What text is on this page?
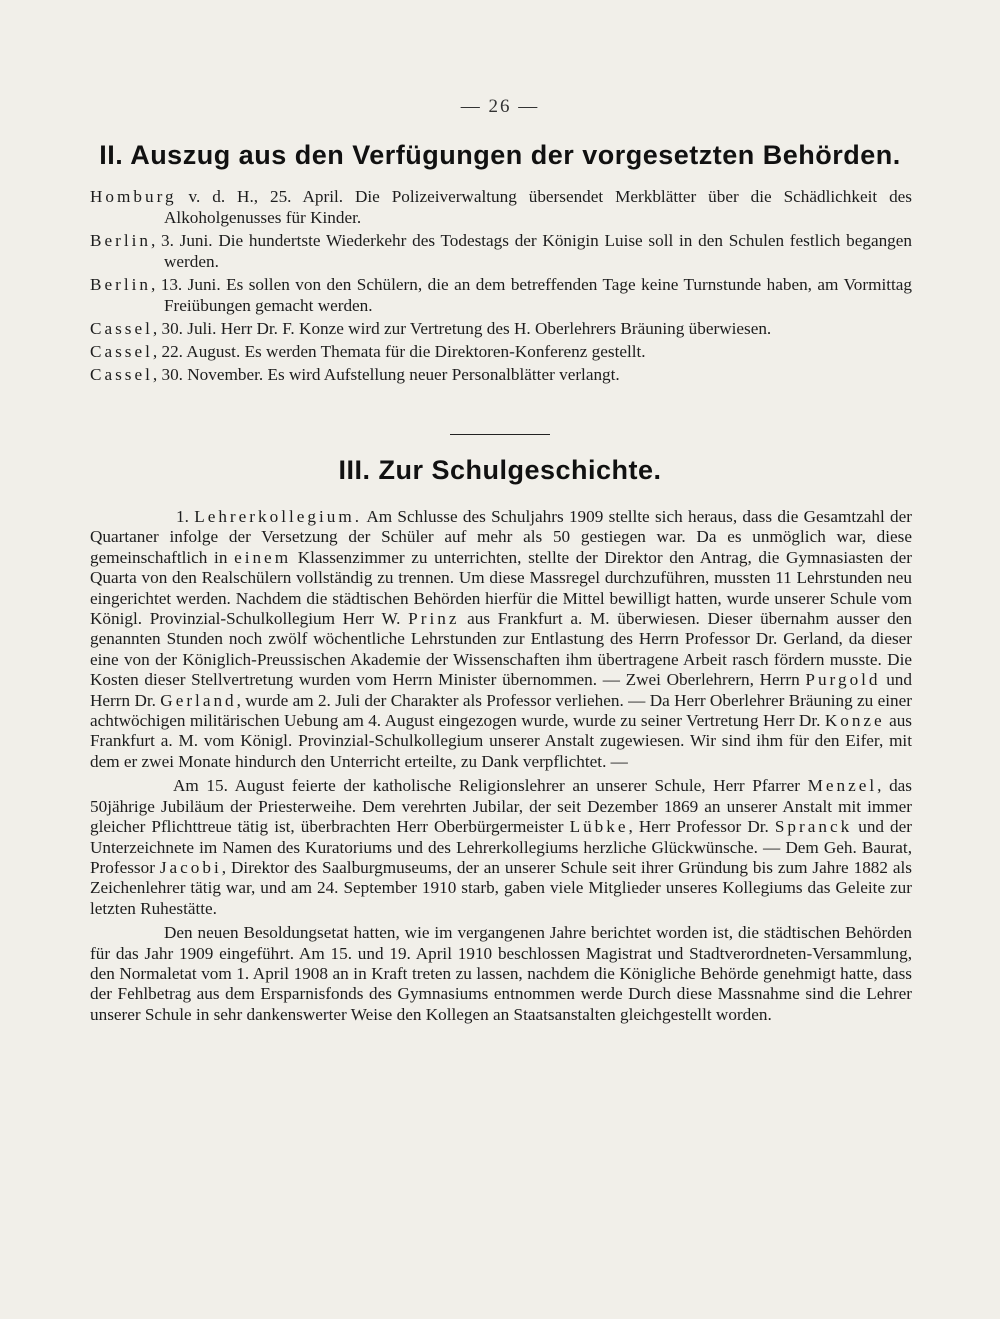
— 26 —
II. Auszug aus den Verfügungen der vorgesetzten Behörden.
Homburg v. d. H., 25. April. Die Polizeiverwaltung übersendet Merkblätter über die Schädlichkeit des Alkoholgenusses für Kinder.
Berlin, 3. Juni. Die hundertste Wiederkehr des Todestags der Königin Luise soll in den Schulen festlich begangen werden.
Berlin, 13. Juni. Es sollen von den Schülern, die an dem betreffenden Tage keine Turnstunde haben, am Vormittag Freiübungen gemacht werden.
Cassel, 30. Juli. Herr Dr. F. Konze wird zur Vertretung des H. Oberlehrers Bräuning überwiesen.
Cassel, 22. August. Es werden Themata für die Direktoren-Konferenz gestellt.
Cassel, 30. November. Es wird Aufstellung neuer Personalblätter verlangt.
III. Zur Schulgeschichte.

1. Lehrerkollegium. Am Schlusse des Schuljahrs 1909 stellte sich heraus, dass die Gesamtzahl der Quartaner infolge der Versetzung der Schüler auf mehr als 50 gestiegen war. Da es unmöglich war, diese gemeinschaftlich in einem Klassenzimmer zu unterrichten, stellte der Direktor den Antrag, die Gymnasiasten der Quarta von den Realschülern vollständig zu trennen. Um diese Massregel durchzuführen, mussten 11 Lehrstunden neu eingerichtet werden. Nachdem die städtischen Behörden hierfür die Mittel bewilligt hatten, wurde unserer Schule vom Königl. Provinzial-Schulkollegium Herr W. Prinz aus Frankfurt a. M. überwiesen. Dieser übernahm ausser den genannten Stunden noch zwölf wöchentliche Lehrstunden zur Entlastung des Herrn Professor Dr. Gerland, da dieser eine von der Königlich-Preussischen Akademie der Wissenschaften ihm übertragene Arbeit rasch fördern musste. Die Kosten dieser Stellvertretung wurden vom Herrn Minister übernommen. — Zwei Oberlehrern, Herrn Purgold und Herrn Dr. Gerland, wurde am 2. Juli der Charakter als Professor verliehen. — Da Herr Oberlehrer Bräuning zu einer achtwöchigen militärischen Uebung am 4. August eingezogen wurde, wurde zu seiner Vertretung Herr Dr. Konze aus Frankfurt a. M. vom Königl. Provinzial-Schulkollegium unserer Anstalt zugewiesen. Wir sind ihm für den Eifer, mit dem er zwei Monate hindurch den Unterricht erteilte, zu Dank verpflichtet. —

Am 15. August feierte der katholische Religionslehrer an unserer Schule, Herr Pfarrer Menzel, das 50jährige Jubiläum der Priesterweihe. Dem verehrten Jubilar, der seit Dezember 1869 an unserer Anstalt mit immer gleicher Pflichttreue tätig ist, überbrachten Herr Oberbürgermeister Lübke, Herr Professor Dr. Spranck und der Unterzeichnete im Namen des Kuratoriums und des Lehrerkollegiums herzliche Glückwünsche. — Dem Geh. Baurat, Professor Jacobi, Direktor des Saalburgmuseums, der an unserer Schule seit ihrer Gründung bis zum Jahre 1882 als Zeichenlehrer tätig war, und am 24. September 1910 starb, gaben viele Mitglieder unseres Kollegiums das Geleite zur letzten Ruhestätte.

Den neuen Besoldungsetat hatten, wie im vergangenen Jahre berichtet worden ist, die städtischen Behörden für das Jahr 1909 eingeführt. Am 15. und 19. April 1910 beschlossen Magistrat und Stadtverordneten-Versammlung, den Normaletat vom 1. April 1908 an in Kraft treten zu lassen, nachdem die Königliche Behörde genehmigt hatte, dass der Fehlbetrag aus dem Ersparnisfonds des Gymnasiums entnommen werde Durch diese Massnahme sind die Lehrer unserer Schule in sehr dankenswerter Weise den Kollegen an Staatsanstalten gleichgestellt worden.
